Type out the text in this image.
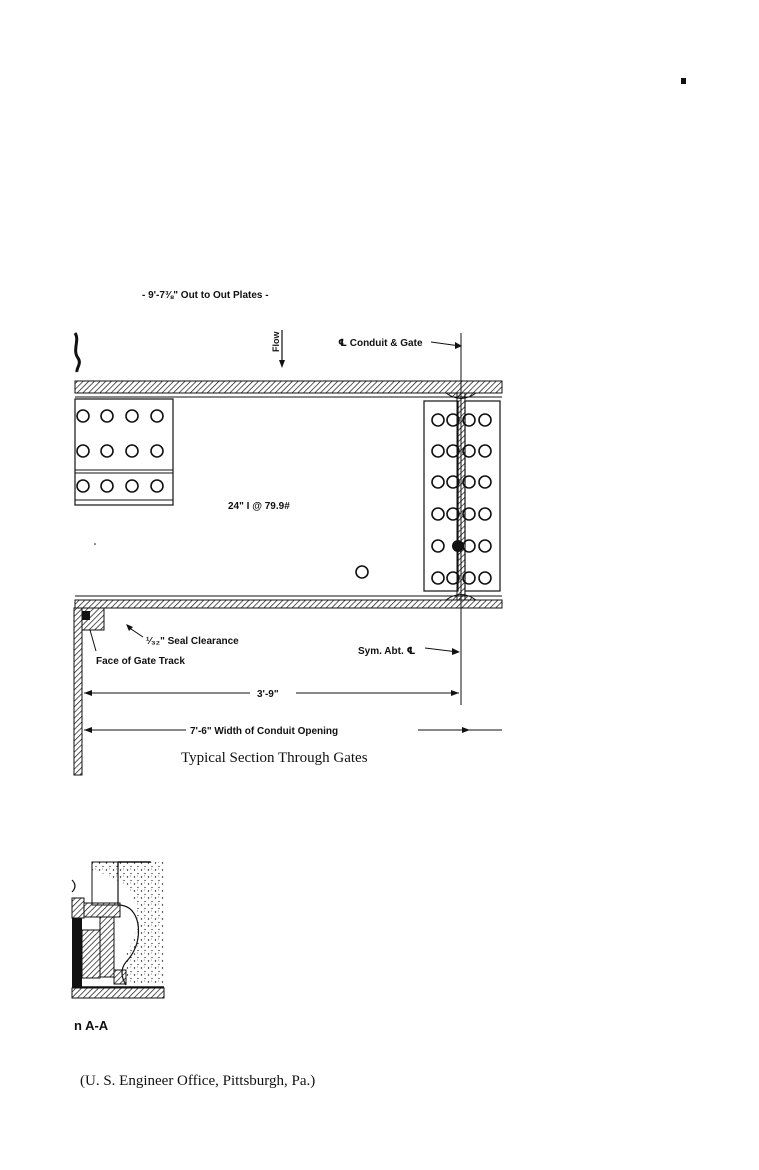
- 9'-7⅜" Out to Out Plates -
Flow	℄ Conduit & Gate
24" I @ 79.9#
¹⁄₃₂" Seal Clearance
Face of Gate Track
Sym. Abt. ℄
3'-9"
7'-6" Width of Conduit Opening
Typical Section Through Gates
n A-A

(U. S. Engineer Office, Pittsburgh, Pa.)
